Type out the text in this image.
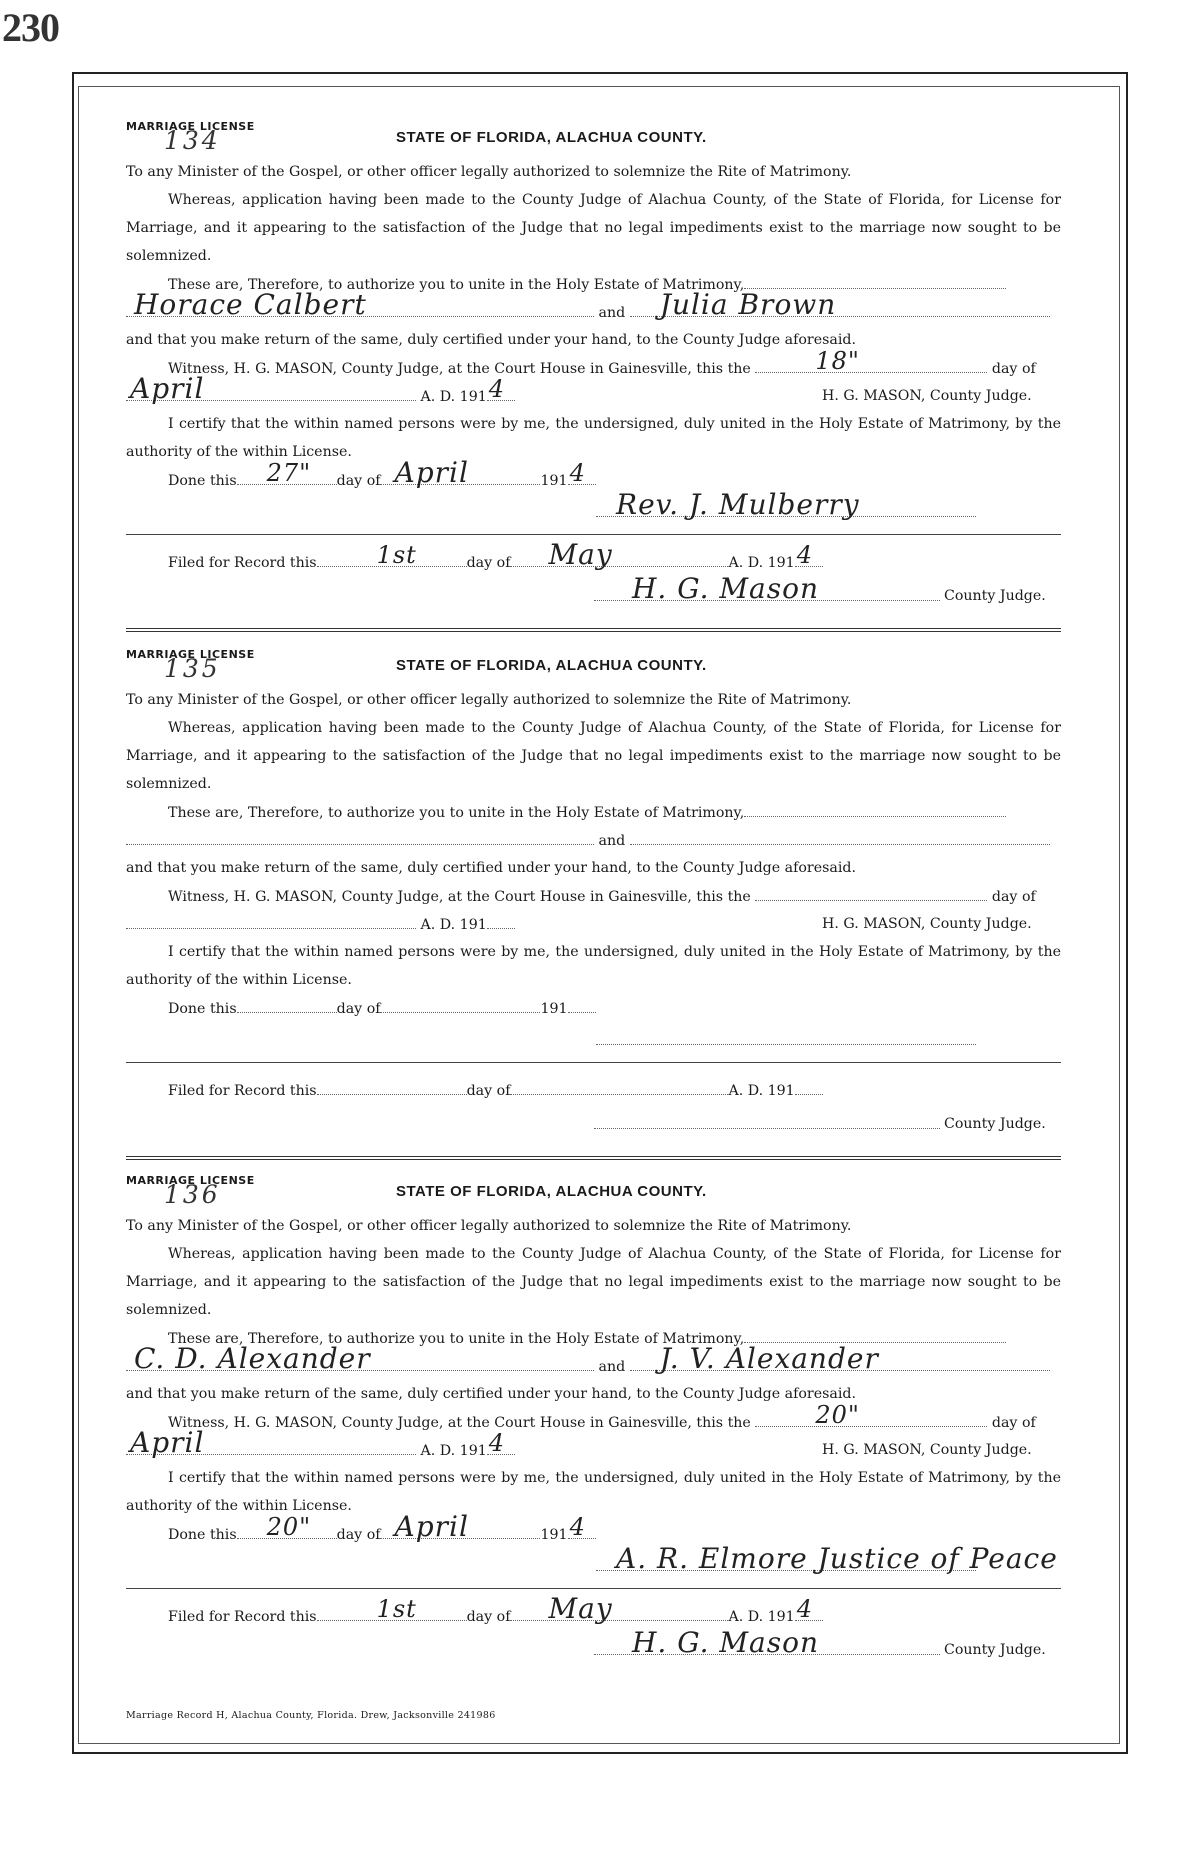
230
MARRIAGE LICENSE
134	STATE OF FLORIDA, ALACHUA COUNTY.
To any Minister of the Gospel, or other officer legally authorized to solemnize the Rite of Matrimony.
Whereas, application having been made to the County Judge of Alachua County, of the State of Florida, for License for
Marriage, and it appearing to the satisfaction of the Judge that no legal impediments exist to the marriage now sought to be
solemnized.
These are, Therefore, to authorize you to unite in the Holy Estate of Matrimony,
Horace Calbert	and Julia Brown
and that you make return of the same, duly certified under your hand, to the County Judge aforesaid.
Witness, H. G. MASON, County Judge, at the Court House in Gainesville, this the	18"	day of
April	A. D. 191 4	H. G. MASON, County Judge.
I certify that the within named persons were by me, the undersigned, duly united in the Holy Estate of Matrimony, by the
authority of the within License.
Done this 27" day of April	191 4
Rev. J. Mulberry
Filed for Record this	1st	day of May	A. D. 191 4
H. G. Mason	County Judge.
MARRIAGE LICENSE
135	STATE OF FLORIDA, ALACHUA COUNTY.
To any Minister of the Gospel, or other officer legally authorized to solemnize the Rite of Matrimony.
Whereas, application having been made to the County Judge of Alachua County, of the State of Florida, for License for
Marriage, and it appearing to the satisfaction of the Judge that no legal impediments exist to the marriage now sought to be
solemnized.
These are, Therefore, to authorize you to unite in the Holy Estate of Matrimony,
and
and that you make return of the same, duly certified under your hand, to the County Judge aforesaid.
Witness, H. G. MASON, County Judge, at the Court House in Gainesville, this the	day of
A. D. 191	H. G. MASON, County Judge.
I certify that the within named persons were by me, the undersigned, duly united in the Holy Estate of Matrimony, by the
authority of the within License.
Done this	day of	191
Filed for Record this	day of	A. D. 191
County Judge.
MARRIAGE LICENSE
136	STATE OF FLORIDA, ALACHUA COUNTY.
To any Minister of the Gospel, or other officer legally authorized to solemnize the Rite of Matrimony.
Whereas, application having been made to the County Judge of Alachua County, of the State of Florida, for License for
Marriage, and it appearing to the satisfaction of the Judge that no legal impediments exist to the marriage now sought to be
solemnized.
These are, Therefore, to authorize you to unite in the Holy Estate of Matrimony,
C. D. Alexander	and J. V. Alexander
and that you make return of the same, duly certified under your hand, to the County Judge aforesaid.
Witness, H. G. MASON, County Judge, at the Court House in Gainesville, this the	20"	day of
April	A. D. 191 4	H. G. MASON, County Judge.
I certify that the within named persons were by me, the undersigned, duly united in the Holy Estate of Matrimony, by the
authority of the within License.
Done this 20" day of April	191 4
A. R. Elmore Justice of Peace
Filed for Record this	1st	day of May	A. D. 191 4
H. G. Mason	County Judge.
Marriage Record H, Alachua County, Florida. Drew, Jacksonville 241986
